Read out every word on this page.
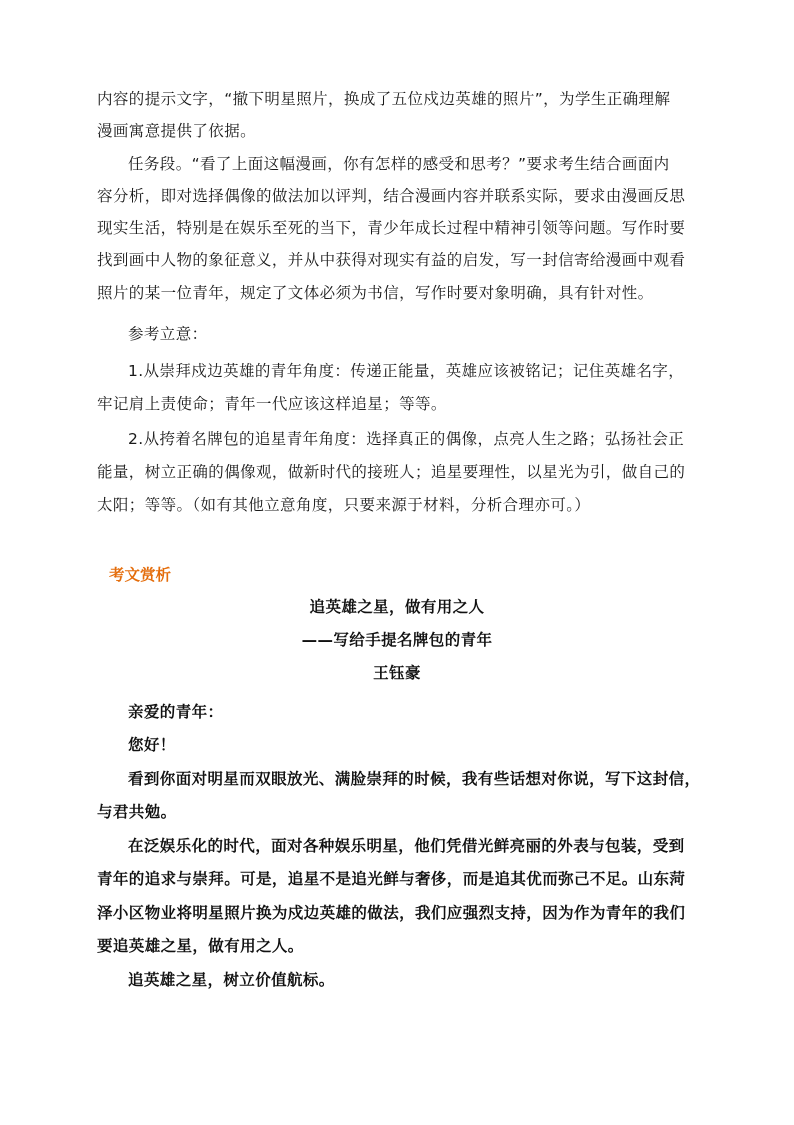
内容的提示文字，“撤下明星照片，换成了五位戍边英雄的照片”，为学生正确理解
漫画寓意提供了依据。
任务段。“看了上面这幅漫画，你有怎样的感受和思考？”要求考生结合画面内
容分析，即对选择偶像的做法加以评判，结合漫画内容并联系实际，要求由漫画反思
现实生活，特别是在娱乐至死的当下，青少年成长过程中精神引领等问题。写作时要
找到画中人物的象征意义，并从中获得对现实有益的启发，写一封信寄给漫画中观看
照片的某一位青年，规定了文体必须为书信，写作时要对象明确，具有针对性。
参考立意：
1.从崇拜戍边英雄的青年角度：传递正能量，英雄应该被铭记；记住英雄名字，
牢记肩上责使命；青年一代应该这样追星；等等。
2.从挎着名牌包的追星青年角度：选择真正的偶像，点亮人生之路；弘扬社会正
能量，树立正确的偶像观，做新时代的接班人；追星要理性，以星光为引，做自己的
太阳；等等。（如有其他立意角度，只要来源于材料，分析合理亦可。）
考文赏析
追英雄之星，做有用之人
——写给手提名牌包的青年
王钰豪
亲爱的青年：
您好！
看到你面对明星而双眼放光、满脸崇拜的时候，我有些话想对你说，写下这封信，
与君共勉。
在泛娱乐化的时代，面对各种娱乐明星，他们凭借光鲜亮丽的外表与包装，受到
青年的追求与崇拜。可是，追星不是追光鲜与奢侈，而是追其优而弥己不足。山东菏
泽小区物业将明星照片换为戍边英雄的做法，我们应强烈支持，因为作为青年的我们
要追英雄之星，做有用之人。
追英雄之星，树立价值航标。
